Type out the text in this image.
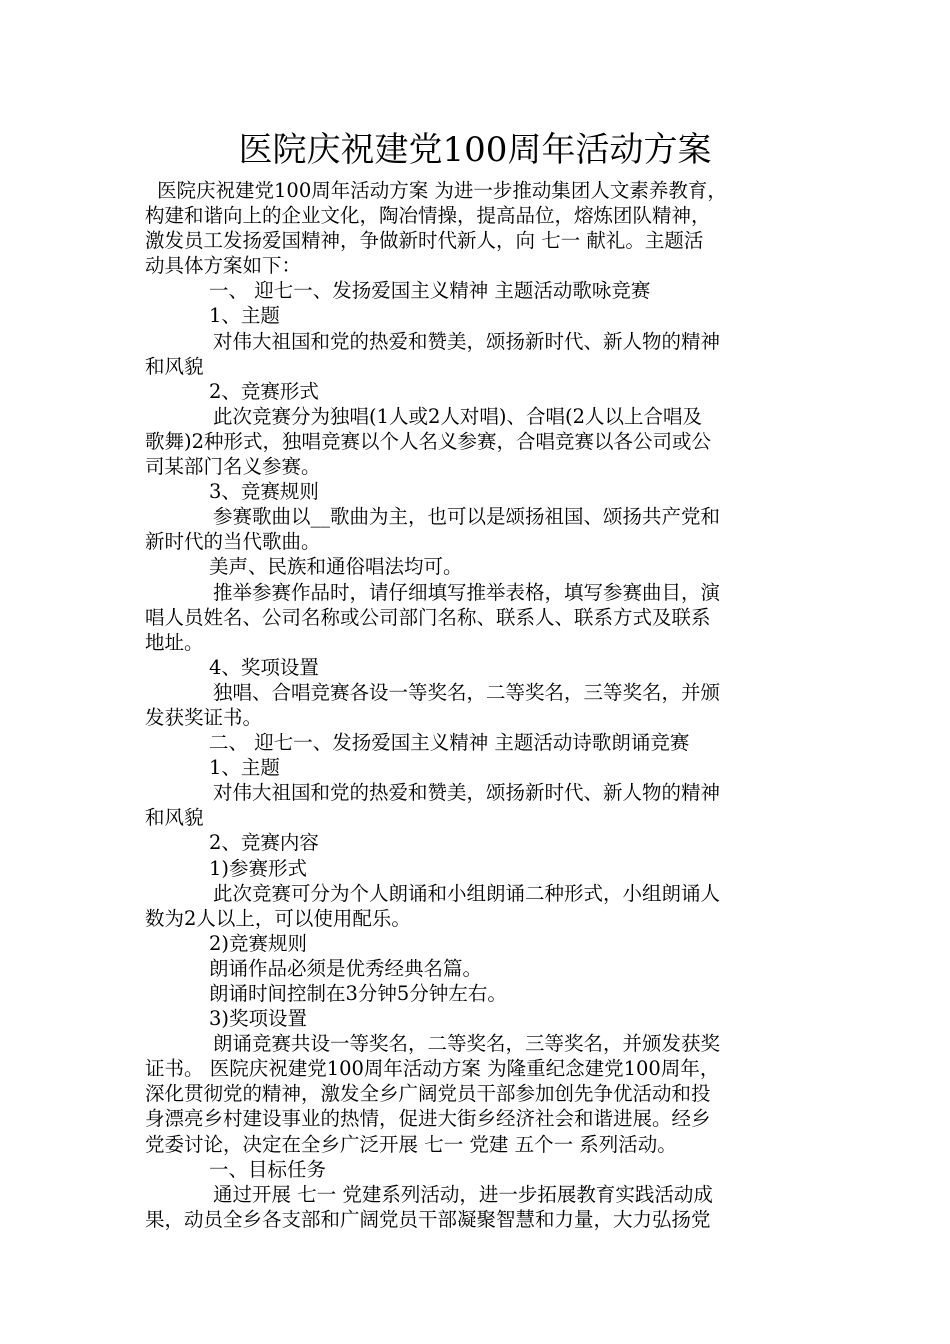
医院庆祝建党100周年活动方案
医院庆祝建党100周年活动方案 为进一步推动集团人文素养教育，
构建和谐向上的企业文化，陶冶情操，提高品位，熔炼团队精神，
激发员工发扬爱国精神，争做新时代新人，向 七一 献礼。主题活
动具体方案如下：
一、 迎七一、发扬爱国主义精神 主题活动歌咏竞赛
1、主题
对伟大祖国和党的热爱和赞美，颂扬新时代、新人物的精神
和风貌
2、竞赛形式
此次竞赛分为独唱(1人或2人对唱)、合唱(2人以上合唱及
歌舞)2种形式，独唱竞赛以个人名义参赛，合唱竞赛以各公司或公
司某部门名义参赛。
3、竞赛规则
参赛歌曲以__歌曲为主，也可以是颂扬祖国、颂扬共产党和
新时代的当代歌曲。
美声、民族和通俗唱法均可。
推举参赛作品时，请仔细填写推举表格，填写参赛曲目，演
唱人员姓名、公司名称或公司部门名称、联系人、联系方式及联系
地址。
4、奖项设置
独唱、合唱竞赛各设一等奖名，二等奖名，三等奖名，并颁
发获奖证书。
二、 迎七一、发扬爱国主义精神 主题活动诗歌朗诵竞赛
1、主题
对伟大祖国和党的热爱和赞美，颂扬新时代、新人物的精神
和风貌
2、竞赛内容
1)参赛形式
此次竞赛可分为个人朗诵和小组朗诵二种形式，小组朗诵人
数为2人以上，可以使用配乐。
2)竞赛规则
朗诵作品必须是优秀经典名篇。
朗诵时间控制在3分钟5分钟左右。
3)奖项设置
朗诵竞赛共设一等奖名，二等奖名，三等奖名，并颁发获奖
证书。 医院庆祝建党100周年活动方案 为隆重纪念建党100周年，
深化贯彻党的精神，激发全乡广阔党员干部参加创先争优活动和投
身漂亮乡村建设事业的热情，促进大街乡经济社会和谐进展。经乡
党委讨论，决定在全乡广泛开展 七一 党建 五个一 系列活动。
一、目标任务
通过开展 七一 党建系列活动，进一步拓展教育实践活动成
果，动员全乡各支部和广阔党员干部凝聚智慧和力量，大力弘扬党
